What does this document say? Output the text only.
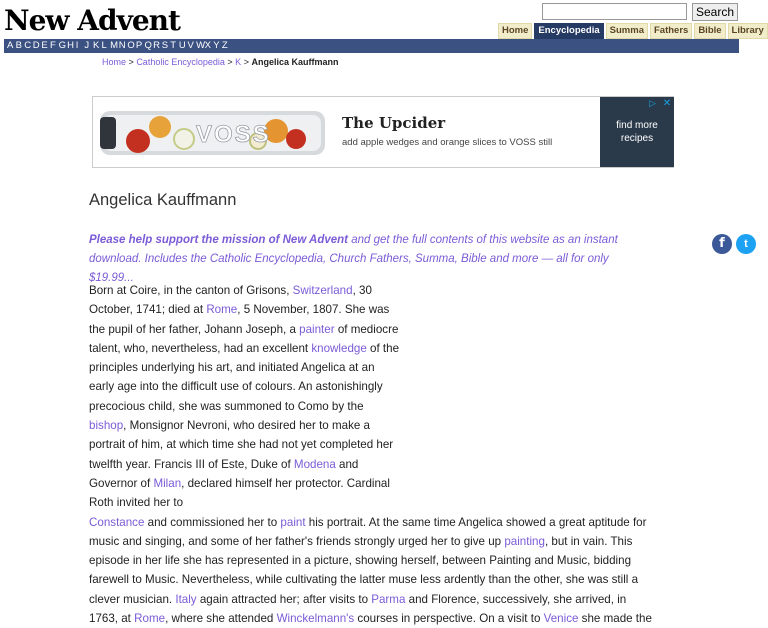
New Advent	Search
Home	Encyclopedia	Summa	Fathers	Bible	Library
A B C D E F G H I J K L M N O P Q R S T U V W X Y Z
Home > Catholic Encyclopedia > K > Angelica Kauffmann
VOSS	The Upcider
add apple wedges and orange slices to VOSS still
find more recipes
▷ ✕
Angelica Kauffmann
Please help support the mission of New Advent and get the full contents of this website as an instant download. Includes the Catholic Encyclopedia, Church Fathers, Summa, Bible and more — all for only $19.99...
f	t

Born at Coire, in the canton of Grisons, Switzerland, 30 October, 1741; died at Rome, 5 November, 1807. She was the pupil of her father, Johann Joseph, a painter of mediocre talent, who, nevertheless, had an excellent knowledge of the principles underlying his art, and initiated Angelica at an early age into the difficult use of colours. An astonishingly precocious child, she was summoned to Como by the bishop, Monsignor Nevroni, who desired her to make a portrait of him, at which time she had not yet completed her twelfth year. Francis III of Este, Duke of Modena and Governor of Milan, declared himself her protector. Cardinal Roth invited her to
Constance and commissioned her to paint his portrait. At the same time Angelica showed a great aptitude for music and singing, and some of her father's friends strongly urged her to give up painting, but in vain. This episode in her life she has represented in a picture, showing herself, between Painting and Music, bidding farewell to Music. Nevertheless, while cultivating the latter muse less ardently than the other, she was still a clever musician. Italy again attracted her; after visits to Parma and Florence, successively, she arrived, in 1763, at Rome, where she attended Winckelmann's courses in perspective. On a visit to Venice she made the
